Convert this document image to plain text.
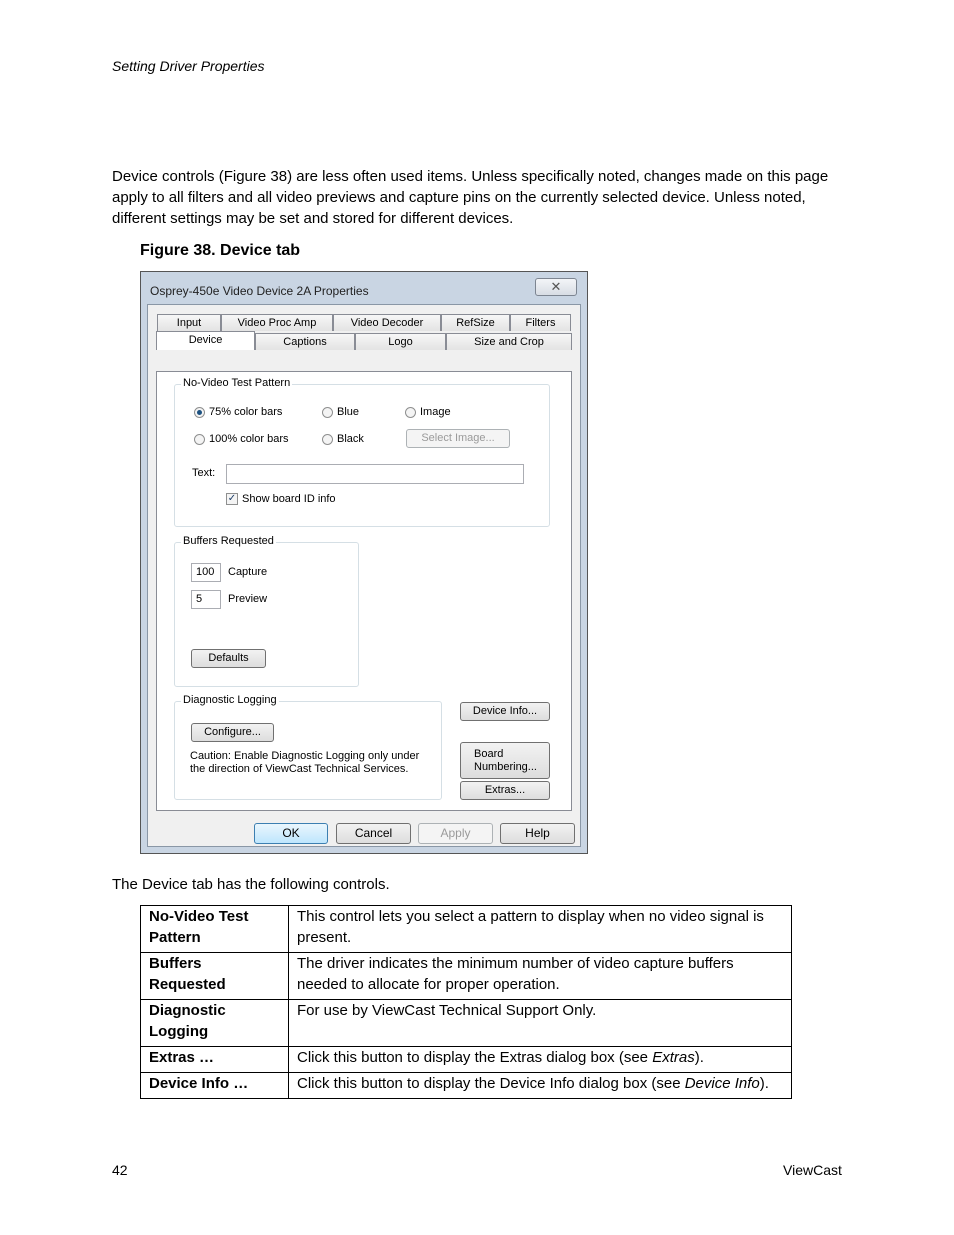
Setting Driver Properties
Device controls (Figure 38) are less often used items. Unless specifically noted, changes made on this page apply to all filters and all video previews and capture pins on the currently selected device. Unless noted, different settings may be set and stored for different devices.
Figure 38. Device tab
Osprey-450e Video Device 2A Properties	✕
Input	Video Proc Amp	Video Decoder	RefSize	Filters
Device	Captions	Logo	Size and Crop
No-Video Test Pattern
75% color bars
100% color bars
Blue
Black
Image
Select Image...
Text:
✓ Show board ID info
Buffers Requested
100	Capture
5	Preview
Defaults
Diagnostic Logging
Configure...
Caution: Enable Diagnostic Logging only under
the direction of ViewCast Technical Services.
Device Info...
Board
Numbering...
Extras...
OK	Cancel	Apply	Help
The Device tab has the following controls.
No-Video Test Pattern	This control lets you select a pattern to display when no video signal is present.
Buffers Requested	The driver indicates the minimum number of video capture buffers needed to allocate for proper operation.
Diagnostic Logging	For use by ViewCast Technical Support Only.
Extras …	Click this button to display the Extras dialog box (see Extras).
Device Info …	Click this button to display the Device Info dialog box (see Device Info).
42	ViewCast
